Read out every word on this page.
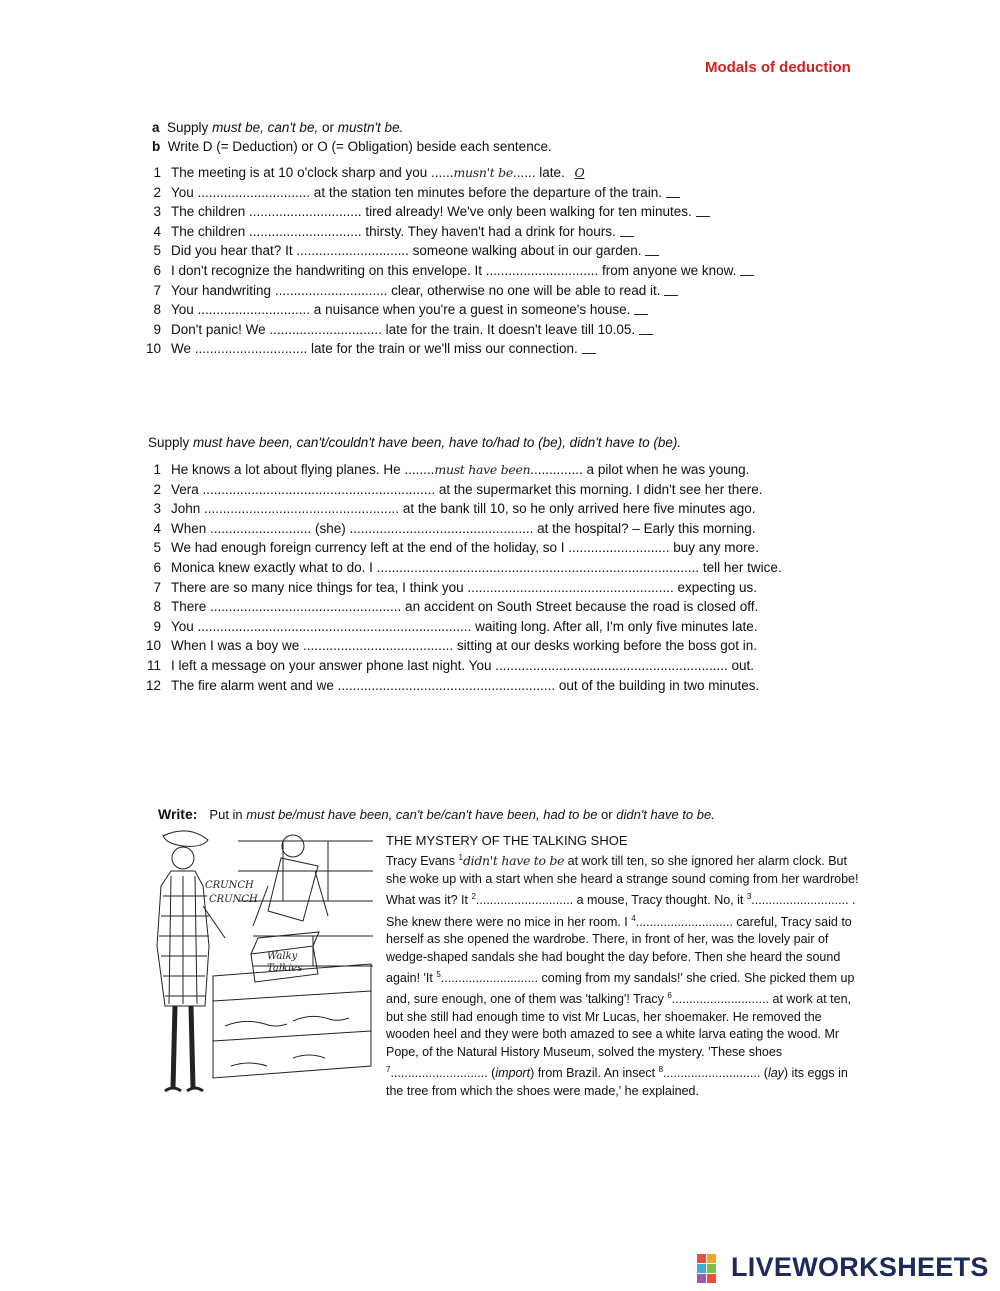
Modals of deduction
a Supply must be, can't be, or mustn't be.
b Write D (= Deduction) or O (= Obligation) beside each sentence.
1 The meeting is at 10 o'clock sharp and you ......musn't be...... late. O
2 You .............................. at the station ten minutes before the departure of the train.
3 The children .............................. tired already! We've only been walking for ten minutes.
4 The children .............................. thirsty. They haven't had a drink for hours.
5 Did you hear that? It .............................. someone walking about in our garden.
6 I don't recognize the handwriting on this envelope. It .............................. from anyone we know.
7 Your handwriting .............................. clear, otherwise no one will be able to read it.
8 You .............................. a nuisance when you're a guest in someone's house.
9 Don't panic! We .............................. late for the train. It doesn't leave till 10.05.
10 We .............................. late for the train or we'll miss our connection.
Supply must have been, can't/couldn't have been, have to/had to (be), didn't have to (be).
1 He knows a lot about flying planes. He ........must have been.............. a pilot when he was young.
2 Vera .............................................................. at the supermarket this morning. I didn't see her there.
3 John .................................................... at the bank till 10, so he only arrived here five minutes ago.
4 When ........................... (she) ................................................. at the hospital? – Early this morning.
5 We had enough foreign currency left at the end of the holiday, so I ........................... buy any more.
6 Monica knew exactly what to do. I ...................................................................................... tell her twice.
7 There are so many nice things for tea, I think you ....................................................... expecting us.
8 There ................................................... an accident on South Street because the road is closed off.
9 You ......................................................................... waiting long. After all, I'm only five minutes late.
10 When I was a boy we ........................................ sitting at our desks working before the boss got in.
11 I left a message on your answer phone last night. You .............................................................. out.
12 The fire alarm went and we .......................................................... out of the building in two minutes.
Write: Put in must be/must have been, can't be/can't have been, had to be or didn't have to be.
CRUNCH
CRUNCH
Walky
Talkies
THE MYSTERY OF THE TALKING SHOE

Tracy Evans $^1$didn't have to be at work till ten, so she ignored her alarm clock. But she woke up with a start when she heard a strange sound coming from her wardrobe! What was it? It $^2$............................ a mouse, Tracy thought. No, it $^3$............................ . She knew there were no mice in her room. I $^4$............................ careful, Tracy said to herself as she opened the wardrobe. There, in front of her, was the lovely pair of wedge-shaped sandals she had bought the day before. Then she heard the sound again! 'It $^5$............................ coming from my sandals!' she cried. She picked them up and, sure enough, one of them was 'talking'! Tracy $^6$............................ at work at ten, but she still had enough time to vist Mr Lucas, her shoemaker. He removed the wooden heel and they were both amazed to see a white larva eating the wood. Mr Pope, of the Natural History Museum, solved the mystery. 'These shoes $^7$............................ (import) from Brazil. An insect $^8$............................ (lay) its eggs in the tree from which the shoes were made,' he explained.

LIVEWORKSHEETS
